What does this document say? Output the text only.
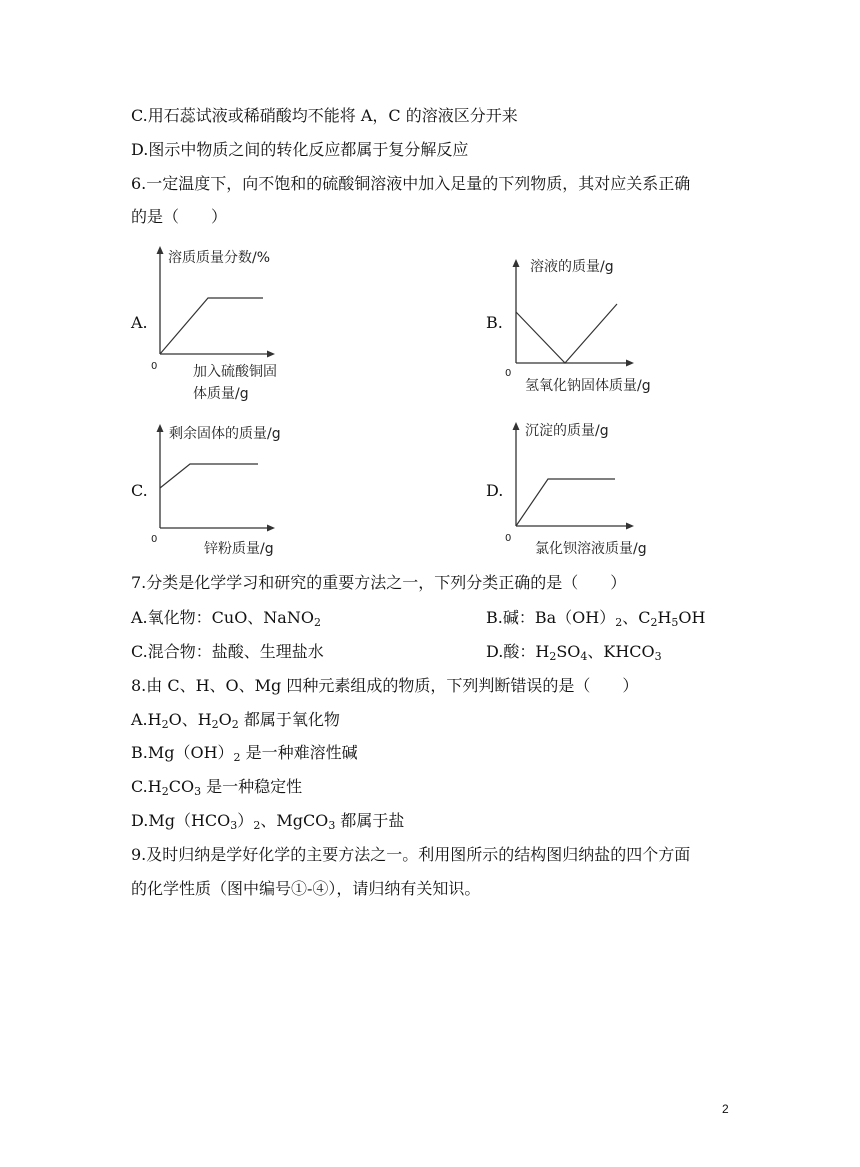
C.用石蕊试液或稀硝酸均不能将 A，C 的溶液区分开来
D.图示中物质之间的转化反应都属于复分解反应
6.一定温度下，向不饱和的硫酸铜溶液中加入足量的下列物质，其对应关系正确
的是（　　）
A.
溶质质量分数/%
0	加入硫酸铜固
体质量/g
B.
溶液的质量/g
0
氢氧化钠固体质量/g
C.
剩余固体的质量/g
0
锌粉质量/g
D.
沉淀的质量/g
0
氯化钡溶液质量/g
7.分类是化学学习和研究的重要方法之一，下列分类正确的是（　　）
A.氧化物：CuO、NaNO$_2$	B.碱：$Ba(OH)_2$、$C_2H_5OH$
C.混合物：盐酸、生理盐水	D.酸：$H_2SO_4$、$KHCO_3$
8.由 C、H、O、Mg 四种元素组成的物质，下列判断错误的是（　　）
$A.H_2O$、$H_2O_2$ 都属于氧化物
$B.Mg(OH)_2$ 是一种难溶性碱
$C.H_2CO_3$ 是一种稳定性
$D.Mg(HCO_3)_2$、MgCO$_3$ 都属于盐
9.及时归纳是学好化学的主要方法之一。利用图所示的结构图归纳盐的四个方面
的化学性质（图中编号①-④），请归纳有关知识。
2
